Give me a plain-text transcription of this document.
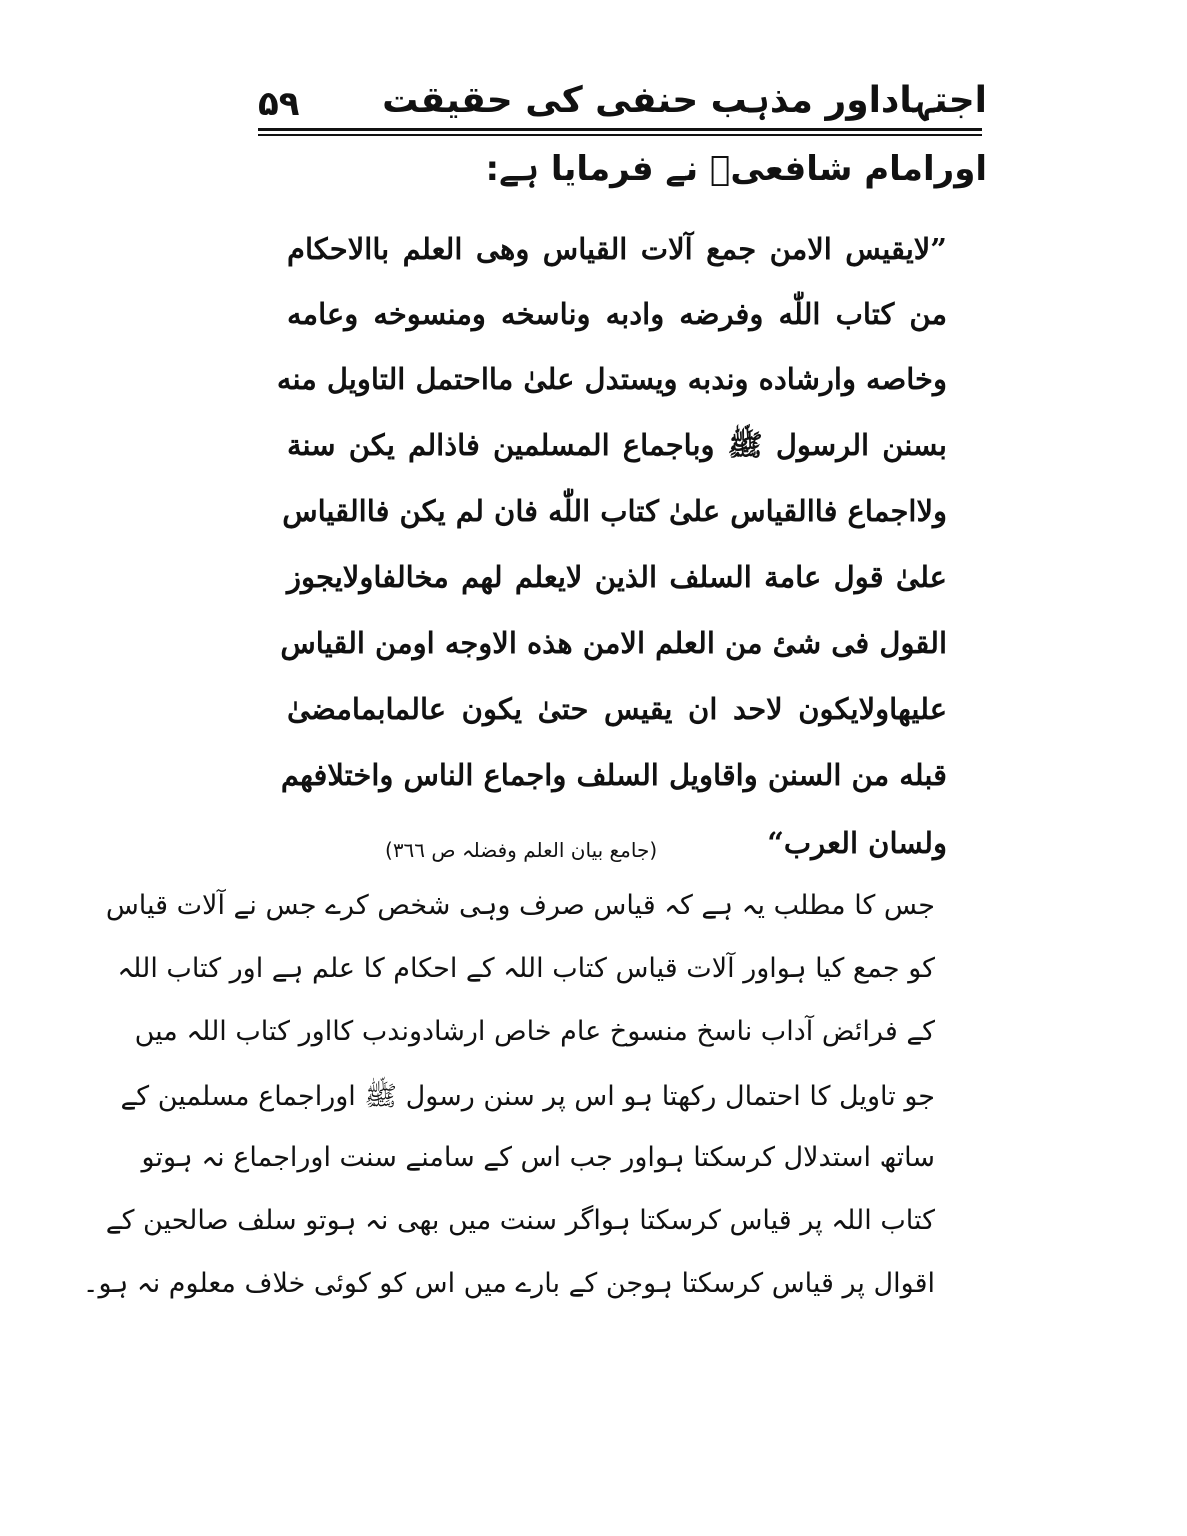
اجتہاداور مذہب حنفی کی حقیقت
۵۹
اورامام شافعیؒ نے فرمایا ہے:
”لایقیس الامن جمع آلات القیاس وھی العلم باالاحکام
من کتاب اللّٰه وفرضه وادبه وناسخه ومنسوخه وعامه
وخاصه وارشاده وندبه ویستدل علیٰ مااحتمل التاویل منه
بسنن الرسول ﷺ وباجماع المسلمین فاذالم یکن سنة
ولااجماع فاالقیاس علیٰ کتاب اللّٰه فان لم یکن فاالقیاس
علیٰ قول عامة السلف الذین لایعلم لهم مخالفاولایجوز
القول فی شیٔ من العلم الامن هذه الاوجه اومن القیاس
علیهاولایکون لاحد ان یقیس حتیٰ یکون عالمابمامضیٰ
قبله من السنن واقاویل السلف واجماع الناس واختلافهم
ولسان العرب“
(جامع بیان العلم وفضلہ ص ۳٦٦)
جس کا مطلب یہ ہے کہ قیاس صرف وہی شخص کرے جس نے آلات قیاس
کو جمع کیا ہواور آلات قیاس کتاب اللہ کے احکام کا علم ہے اور کتاب اللہ
کے فرائض آداب ناسخ منسوخ عام خاص ارشادوندب کااور کتاب اللہ میں
جو تاویل کا احتمال رکھتا ہو اس پر سنن رسول ﷺ اوراجماع مسلمین کے
ساتھ استدلال کرسکتا ہواور جب اس کے سامنے سنت اوراجماع نہ ہوتو
کتاب اللہ پر قیاس کرسکتا ہواگر سنت میں بھی نہ ہوتو سلف صالحین کے
اقوال پر قیاس کرسکتا ہوجن کے بارے میں اس کو کوئی خلاف معلوم نہ ہو۔
